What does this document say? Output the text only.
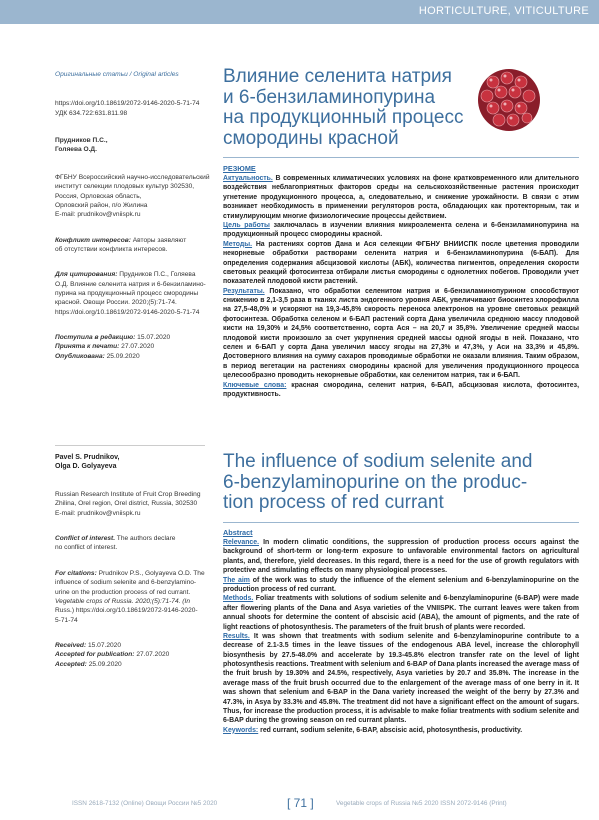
HORTICULTURE, VITICULTURE
Оригинальные статьи / Original articles
https://doi.org/10.18619/2072-9146-2020-5-71-74
УДК 634.722:631.811.98
Прудников П.С.,
Голяева О.Д.
ФГБНУ Всероссийский научно-исследовательский
институт селекции плодовых культур 302530,
Россия, Орловская область,
Орловский район, п/о Жилина
E-mail: prudnikov@vniispk.ru
Конфликт интересов: Авторы заявляют
об отсутствии конфликта интересов.
Для цитирования: Прудников П.С., Голяева
О.Д. Влияние селенита натрия и 6-бензиламино-
пурина на продукционный процесс смородины
красной. Овощи России. 2020;(5):71-74.
https://doi.org/10.18619/2072-9146-2020-5-71-74
Поступила в редакцию: 15.07.2020
Принята к печати: 27.07.2020
Опубликована: 25.09.2020
Pavel S. Prudnikov,
Olga D. Golyayeva
Russian Research Institute of Fruit Crop Breeding
Zhilina, Orel region, Orel district, Russia, 302530
E-mail: prudnikov@vniispk.ru
Conflict of interest. The authors declare
no conflict of interest.
For citations: Prudnikov P.S., Golyayeva O.D. The
influence of sodium selenite and 6-benzylamino-
urine on the production process of red currant.
Vegetable crops of Russia. 2020;(5):71-74. (In
Russ.) https://doi.org/10.18619/2072-9146-2020-
5-71-74
Received: 15.07.2020
Accepted for publication: 27.07.2020
Accepted: 25.09.2020
Влияние селенита натрия
и 6-бензиламинопурина
на продукционный процесс
смородины красной
РЕЗЮМЕ

Актуальность. В современных климатических условиях на фоне кратковременного или длительного воздействия неблагоприятных факторов среды на сельскохозяйственные растения происходит угнетение продукционного процесса, а, следовательно, и снижение урожайности. В связи с этим возникает необходимость в применении регуляторов роста, обладающих как протекторным, так и стимулирующим многие физиологические процессы действием.

Цель работы заключалась в изучении влияния микроэлемента селена и 6-бензиламинопурина на продукционный процесс смородины красной.

Методы. На растениях сортов Дана и Ася селекции ФГБНУ ВНИИСПК после цветения проводили некорневые обработки растворами селенита натрия и 6-бензиламинопурина (6-БАП). Для определения содержания абсцизовой кислоты (АБК), количества пигментов, определения скорости световых реакций фотосинтеза отбирали листья смородины с однолетних побегов. Проводили учет показателей плодовой кисти растений.

Результаты. Показано, что обработки селенитом натрия и 6-бензиламинопурином способствуют снижению в 2,1-3,5 раза в тканях листа эндогенного уровня АБК, увеличивают биосинтез хлорофилла на 27,5-48,0% и ускоряют на 19,3-45,8% скорость переноса электронов на уровне световых реакций фотосинтеза. Обработка селеном и 6-БАП растений сорта Дана увеличила среднюю массу плодовой кисти на 19,30% и 24,5% соответственно, сорта Ася – на 20,7 и 35,8%. Увеличение средней массы плодовой кисти произошло за счет укрупнения средней массы одной ягоды в ней. Показано, что селен и 6-БАП у сорта Дана увеличил массу ягоды на 27,3% и 47,3%, у Аси на 33,3% и 45,8%. Достоверного влияния на сумму сахаров проводимые обработки не оказали влияния. Таким образом, в период вегетации на растениях смородины красной для увеличения продукционного процесса целесообразно проводить некорневые обработки, как селенитом натрия, так и 6-БАП.

Ключевые слова: красная смородина, селенит натрия, 6-БАП, абсцизовая кислота, фотосинтез, продуктивность.

The influence of sodium selenite and
6-benzylaminopurine on the produc-
tion process of red currant
Abstract

Relevance. In modern climatic conditions, the suppression of production process occurs against the background of short-term or long-term exposure to unfavorable environmental factors on agricultural plants, and, therefore, yield decreases. In this regard, there is a need for the use of growth regulators with protective and stimulating effects on many physiological processes.

The aim of the work was to study the influence of the element selenium and 6-benzylaminopurine on the production process of red currant.

Methods. Foliar treatments with solutions of sodium selenite and 6-benzylaminopurine (6-BAP) were made after flowering plants of the Dana and Asya varieties of the VNIISPK. The currant leaves were taken from annual shoots for determine the content of abscisic acid (ABA), the amount of pigments, and the rate of light reactions of photosynthesis. The parameters of the fruit brush of plants were recorded.

Results. It was shown that treatments with sodium selenite and 6-benzylaminopurine contribute to a decrease of 2.1-3.5 times in the leave tissues of the endogenous ABA level, increase the chlorophyll biosynthesis by 27.5-48.0% and accelerate by 19.3-45.8% electron transfer rate on the level of light photosynthesis reactions. Treatment with selenium and 6-BAP of Dana plants increased the average mass of the fruit brush by 19.30% and 24.5%, respectively, Asya varieties by 20.7 and 35.8%. The increase in the average mass of the fruit brush occurred due to the enlargement of the average mass of one berry in it. It was shown that selenium and 6-BAP in the Dana variety increased the weight of the berry by 27.3% and 47.3%, in Asya by 33.3% and 45.8%. The treatment did not have a significant effect on the amount of sugars. Thus, for increase the production process, it is advisable to make foliar treatments with sodium selenite and 6-BAP during the growing season on red currant plants.

Keywords: red currant, sodium selenite, 6-BAP, abscisic acid, photosynthesis, productivity.

ISSN 2618-7132 (Online) Овощи России №5 2020	[ 71 ]	Vegetable crops of Russia №5 2020 ISSN 2072-9146 (Print)
